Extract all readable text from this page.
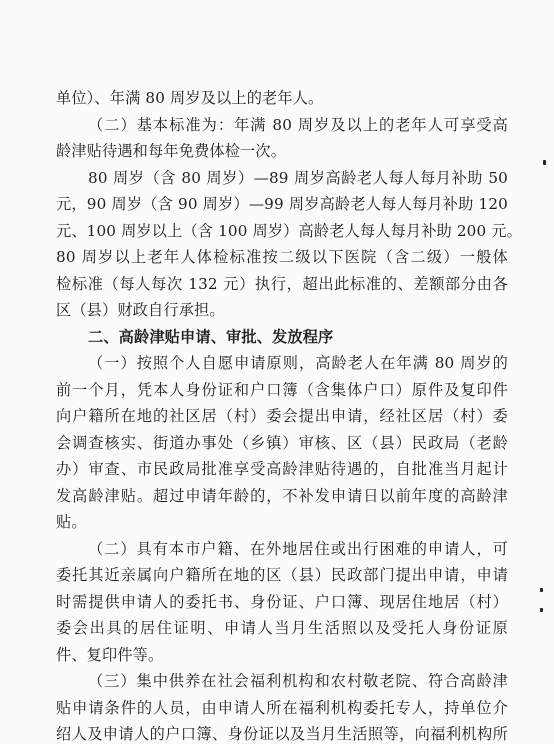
单位）、年满 80 周岁及以上的老年人。
（二）基本标准为：年满 80 周岁及以上的老年人可享受高
龄津贴待遇和每年免费体检一次。
80 周岁（含 80 周岁）—89 周岁高龄老人每人每月补助 50
元，90 周岁（含 90 周岁）—99 周岁高龄老人每人每月补助 120
元、100 周岁以上（含 100 周岁）高龄老人每人每月补助 200 元。
80 周岁以上老年人体检标准按二级以下医院（含二级）一般体
检标准（每人每次 132 元）执行，超出此标准的、差额部分由各
区（县）财政自行承担。
二、高龄津贴申请、审批、发放程序
（一）按照个人自愿申请原则，高龄老人在年满 80 周岁的
前一个月，凭本人身份证和户口簿（含集体户口）原件及复印件
向户籍所在地的社区居（村）委会提出申请，经社区居（村）委
会调查核实、街道办事处（乡镇）审核、区（县）民政局（老龄
办）审查、市民政局批准享受高龄津贴待遇的，自批准当月起计
发高龄津贴。超过申请年龄的，不补发申请日以前年度的高龄津
贴。
（二）具有本市户籍、在外地居住或出行困难的申请人，可
委托其近亲属向户籍所在地的区（县）民政部门提出申请，申请
时需提供申请人的委托书、身份证、户口簿、现居住地居（村）
委会出具的居住证明、申请人当月生活照以及受托人身份证原
件、复印件等。
（三）集中供养在社会福利机构和农村敬老院、符合高龄津
贴申请条件的人员，由申请人所在福利机构委托专人，持单位介
绍人及申请人的户口簿、身份证以及当月生活照等，向福利机构所
